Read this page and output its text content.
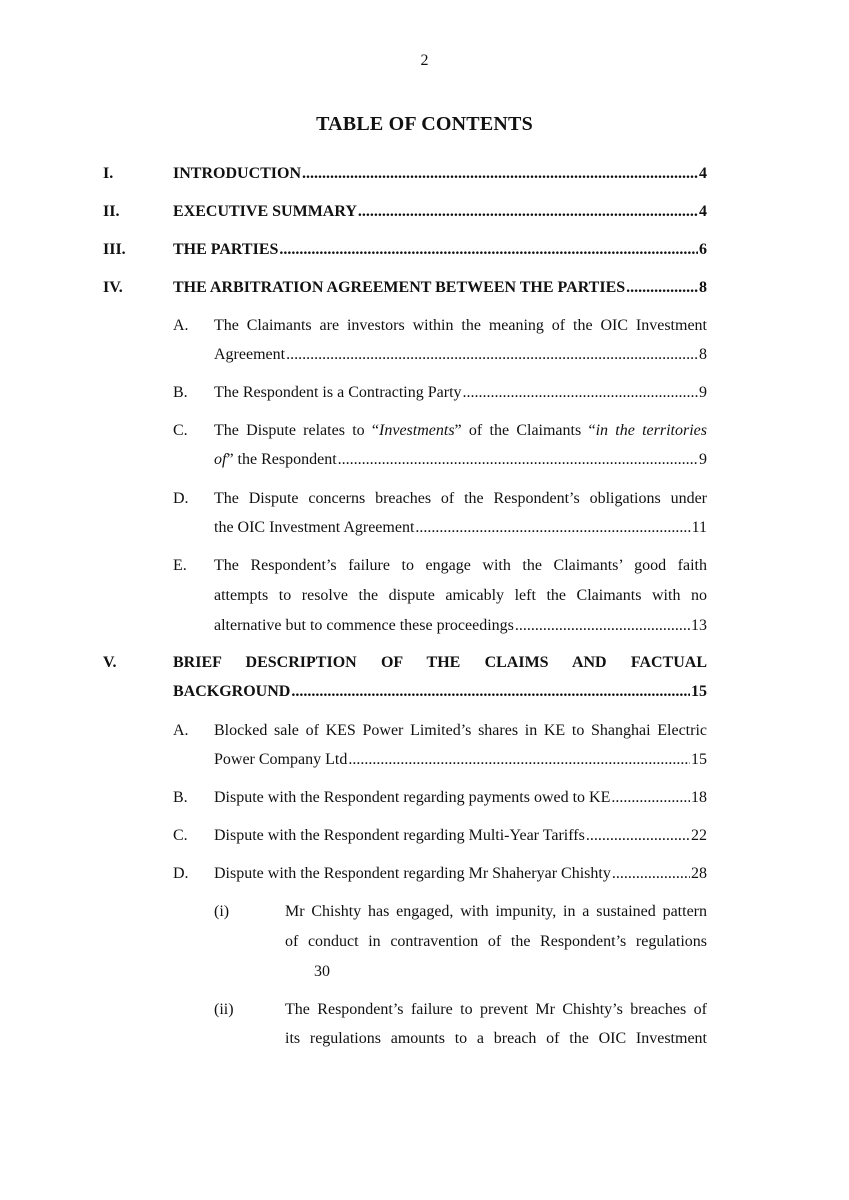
2
TABLE OF CONTENTS
I.	INTRODUCTION .....	4
II.	EXECUTIVE SUMMARY .....	4
III.	THE PARTIES .....	6
IV.	THE ARBITRATION AGREEMENT BETWEEN THE PARTIES .....	8
A. The Claimants are investors within the meaning of the OIC Investment
Agreement .....	8
B. The Respondent is a Contracting Party .....	9
C. The Dispute relates to “Investments” of the Claimants “in the territories
of” the Respondent .....	9
D. The Dispute concerns breaches of the Respondent’s obligations under
the OIC Investment Agreement .....	11
E. The Respondent’s failure to engage with the Claimants’ good faith
attempts to resolve the dispute amicably left the Claimants with no
alternative but to commence these proceedings .....	13
V.	BRIEF DESCRIPTION OF THE CLAIMS AND FACTUAL
BACKGROUND .....	15
A. Blocked sale of KES Power Limited’s shares in KE to Shanghai Electric
Power Company Ltd .....	15
B. Dispute with the Respondent regarding payments owed to KE .....	18
C. Dispute with the Respondent regarding Multi-Year Tariffs .....	22
D. Dispute with the Respondent regarding Mr Shaheryar Chishty .....	28
(i)	Mr Chishty has engaged, with impunity, in a sustained pattern
of conduct in contravention of the Respondent’s regulations
30
(ii)	The Respondent’s failure to prevent Mr Chishty’s breaches of
its regulations amounts to a breach of the OIC Investment
